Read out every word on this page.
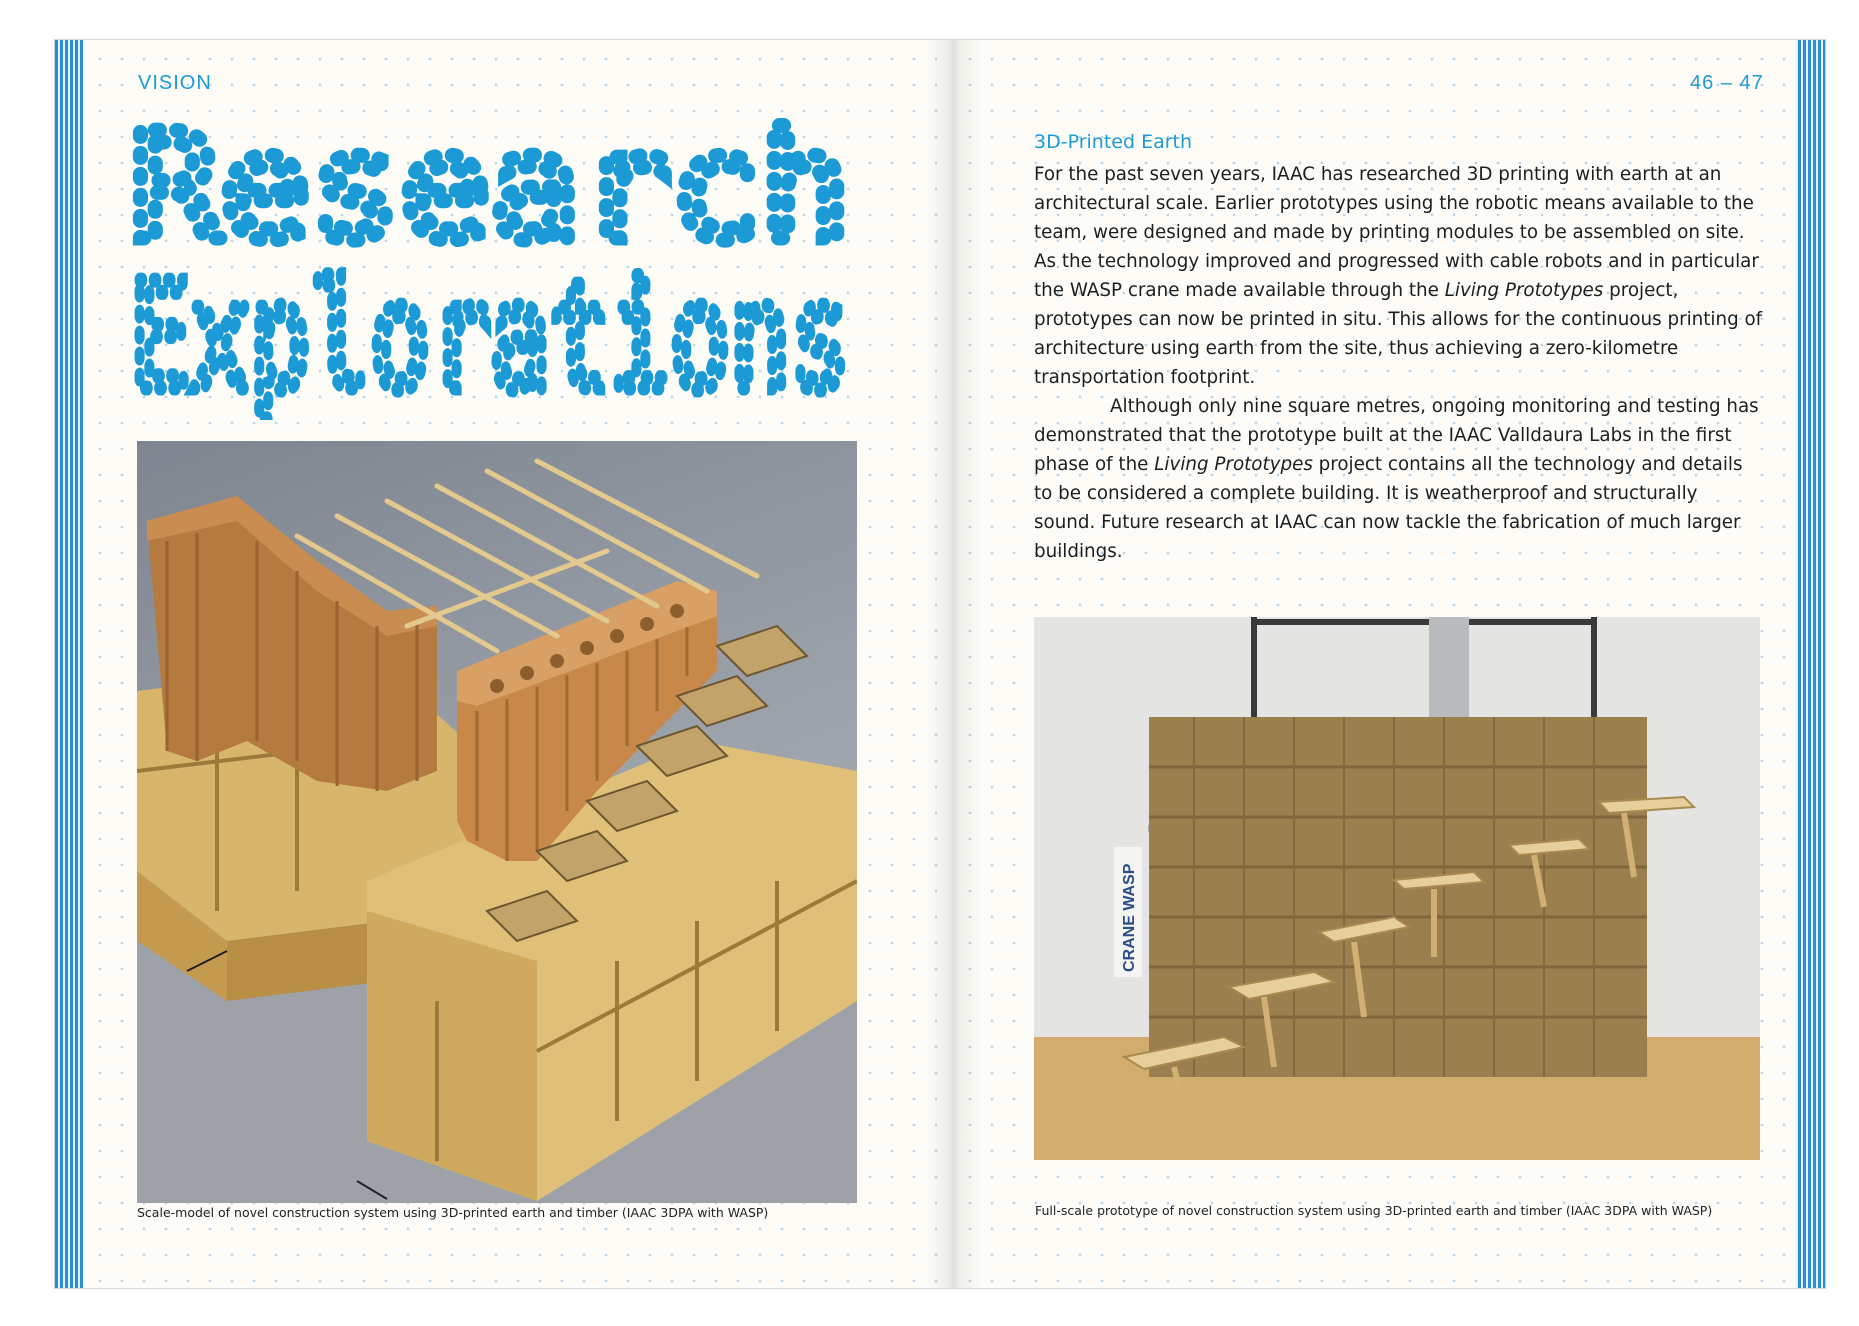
VISION	46 – 47
Research
Explorations
Scale-model of novel construction system using 3D-printed earth and timber (IAAC 3DPA with WASP)
3D-Printed Earth

For the past seven years, IAAC has researched 3D printing with earth at an

architectural scale. Earlier prototypes using the robotic means available to the

team, were designed and made by printing modules to be assembled on site.

As the technology improved and progressed with cable robots and in particular the WASP crane made available through the Living Prototypes project, prototypes can now be printed in situ. This allows for the continuous printing of architecture using earth from the site, thus achieving a zero-kilometre transportation footprint.

Although only nine square metres, ongoing monitoring and testing has demonstrated that the prototype built at the IAAC Valldaura Labs in the first phase of the Living Prototypes project contains all the technology and details to be considered a complete building. It is weatherproof and structurally sound. Future research at IAAC can now tackle the fabrication of much larger buildings.

CRANE WASP
Full-scale prototype of novel construction system using 3D-printed earth and timber (IAAC 3DPA with WASP)
